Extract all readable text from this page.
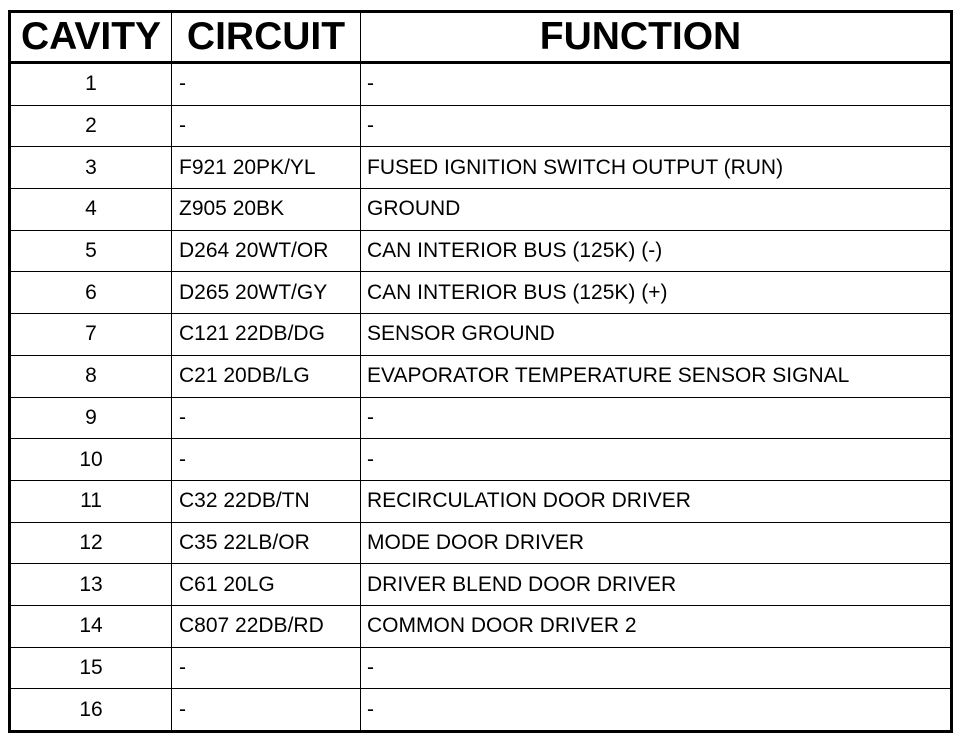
CAVITY	CIRCUIT	FUNCTION
1	-	-
2	-	-
3	F921 20PK/YL	FUSED IGNITION SWITCH OUTPUT (RUN)
4	Z905 20BK	GROUND
5	D264 20WT/OR	CAN INTERIOR BUS (125K) (-)
6	D265 20WT/GY	CAN INTERIOR BUS (125K) (+)
7	C121 22DB/DG	SENSOR GROUND
8	C21 20DB/LG	EVAPORATOR TEMPERATURE SENSOR SIGNAL
9	-	-
10	-	-
11	C32 22DB/TN	RECIRCULATION DOOR DRIVER
12	C35 22LB/OR	MODE DOOR DRIVER
13	C61 20LG	DRIVER BLEND DOOR DRIVER
14	C807 22DB/RD	COMMON DOOR DRIVER 2
15	-	-
16	-	-
